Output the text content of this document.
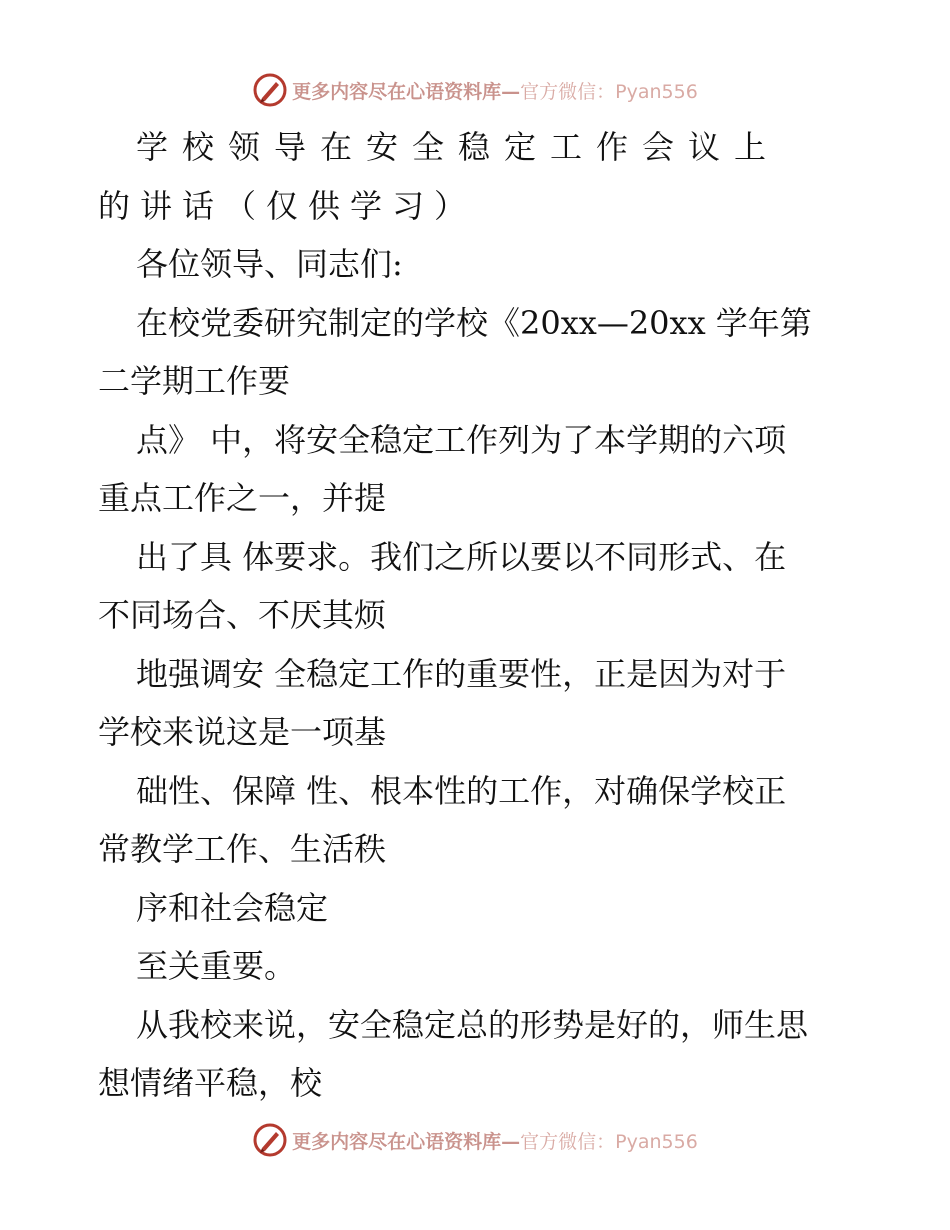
更多内容尽在心语资料库—官方微信：Pyan556
学校领导在安全稳定工作会议上
的讲话（仅供学习）
各位领导、同志们:
在校党委研究制定的学校《20xx—20xx 学年第
二学期工作要
点》 中，将安全稳定工作列为了本学期的六项
重点工作之一，并提
出了具 体要求。我们之所以要以不同形式、在
不同场合、不厌其烦
地强调安 全稳定工作的重要性，正是因为对于
学校来说这是一项基
础性、保障 性、根本性的工作，对确保学校正
常教学工作、生活秩
序和社会稳定
至关重要。
从我校来说，安全稳定总的形势是好的，师生思
想情绪平稳，校
更多内容尽在心语资料库—官方微信：Pyan556
